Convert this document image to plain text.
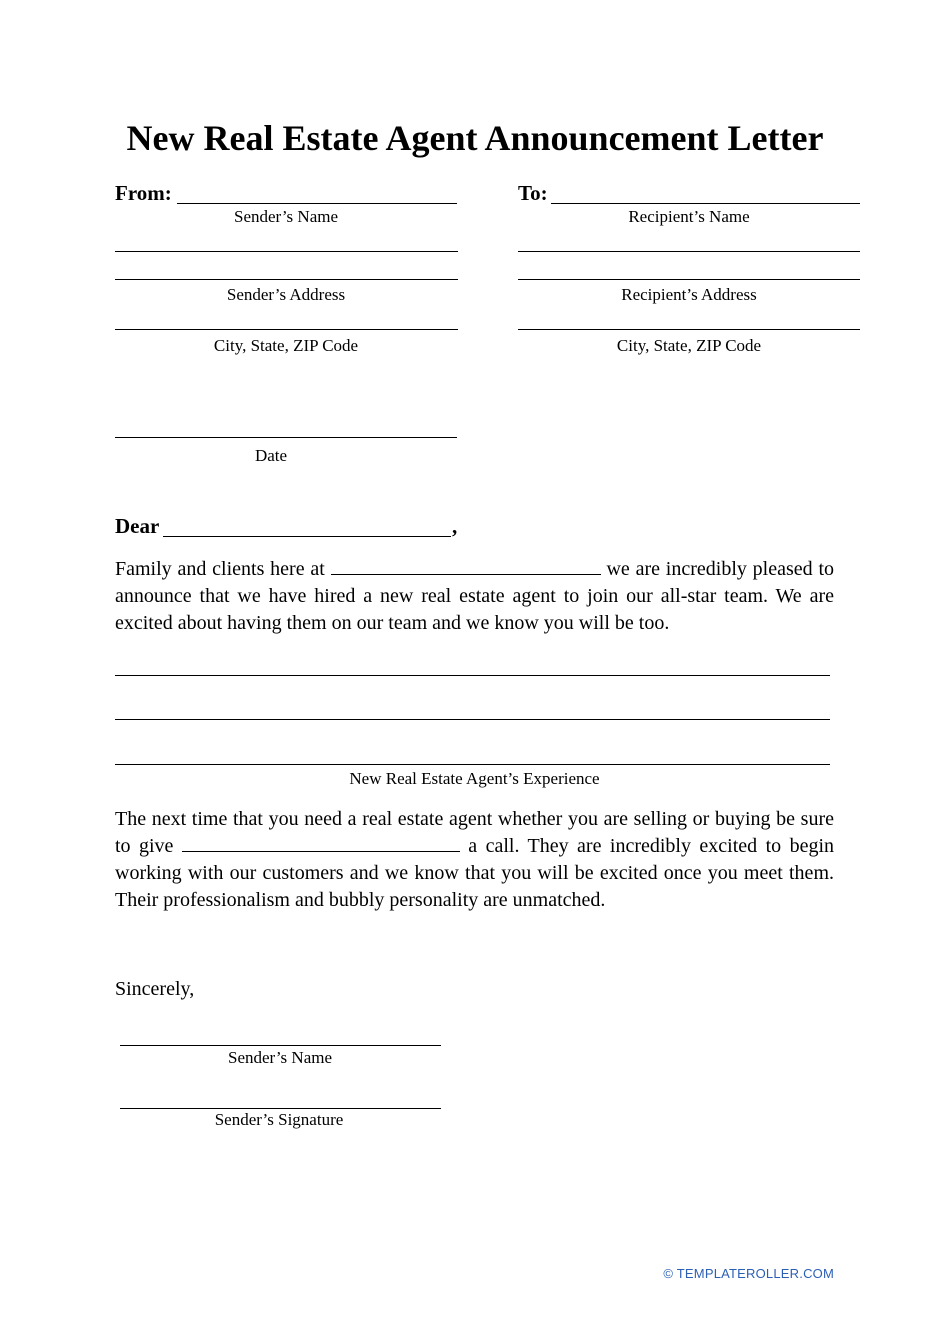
New Real Estate Agent Announcement Letter
From:
Sender’s Name
Sender’s Address
City, State, ZIP Code
Date
To:
Recipient’s Name
Recipient’s Address
City, State, ZIP Code
Dear	,
Family and clients here at	we are incredibly pleased to announce that we have hired a new real estate agent to join our all-star team. We are excited about having them on our team and we know you will be too.
New Real Estate Agent’s Experience
The next time that you need a real estate agent whether you are selling or buying be sure to give	a call. They are incredibly excited to begin working with our customers and we know that you will be excited once you meet them. Their professionalism and bubbly personality are unmatched.
Sincerely,
Sender’s Name
Sender’s Signature
© TEMPLATEROLLER.COM
